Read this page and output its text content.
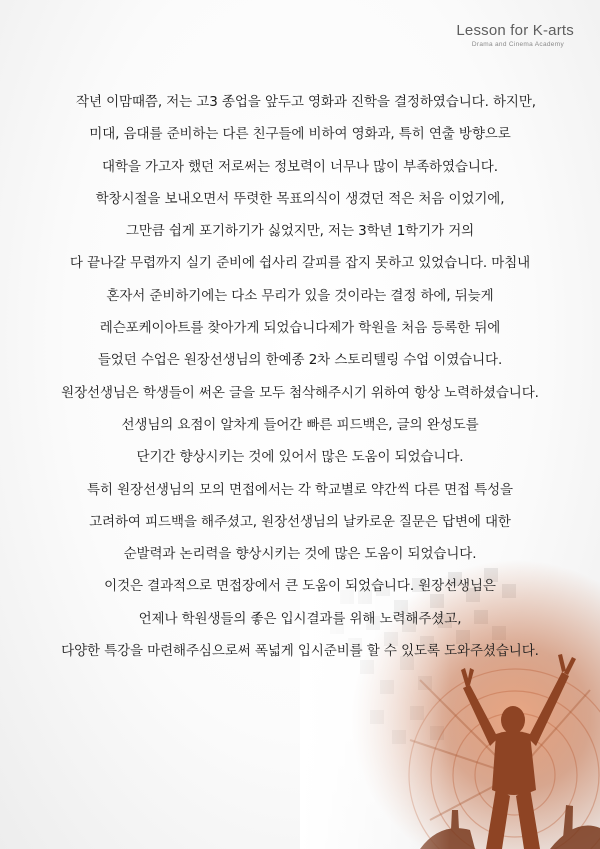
Lesson for K-arts
Drama and Cinema Academy
작년 이맘때쯤, 저는 고3 종업을 앞두고 영화과 진학을 결정하였습니다. 하지만,
미대, 음대를 준비하는 다른 친구들에 비하여 영화과, 특히 연출 방향으로
대학을 가고자 했던 저로써는 정보력이 너무나 많이 부족하였습니다.
학창시절을 보내오면서 뚜렷한 목표의식이 생겼던 적은 처음 이었기에,
그만큼 쉽게 포기하기가 싫었지만, 저는 3학년 1학기가 거의
다 끝나갈 무렵까지 실기 준비에 쉽사리 갈피를 잡지 못하고 있었습니다. 마침내
혼자서 준비하기에는 다소 무리가 있을 것이라는 결정 하에, 뒤늦게
레슨포케이아트를 찾아가게 되었습니다제가 학원을 처음 등록한 뒤에
들었던 수업은 원장선생님의 한예종 2차 스토리텔링 수업 이였습니다.
원장선생님은 학생들이 써온 글을 모두 첨삭해주시기 위하여 항상 노력하셨습니다.
선생님의 요점이 알차게 들어간 빠른 피드백은, 글의 완성도를
단기간 향상시키는 것에 있어서 많은 도움이 되었습니다.
특히 원장선생님의 모의 면접에서는 각 학교별로 약간씩 다른 면접 특성을
고려하여 피드백을 해주셨고, 원장선생님의 날카로운 질문은 답변에 대한
순발력과 논리력을 향상시키는 것에 많은 도움이 되었습니다.
이것은 결과적으로 면접장에서 큰 도움이 되었습니다. 원장선생님은
언제나 학원생들의 좋은 입시결과를 위해 노력해주셨고,
다양한 특강을 마련해주심으로써 폭넓게 입시준비를 할 수 있도록 도와주셨습니다.
